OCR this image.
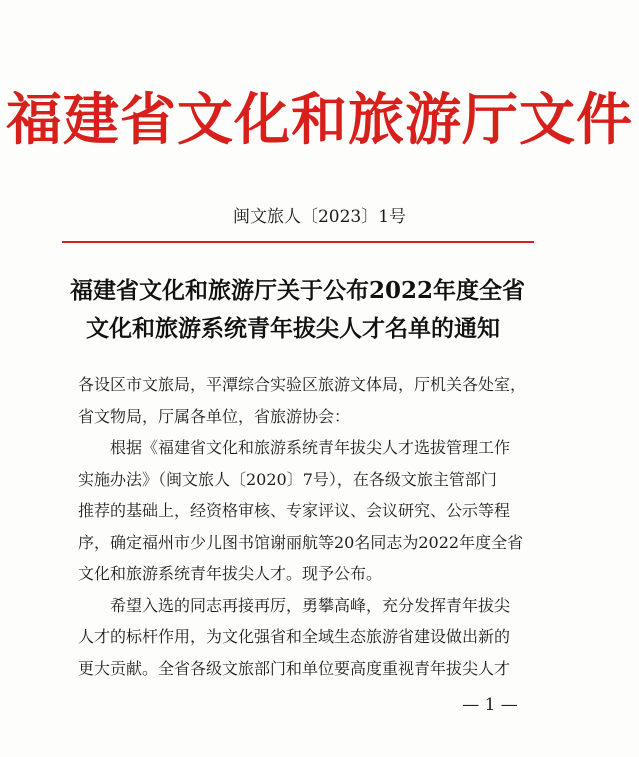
福建省文化和旅游厅文件
闽文旅人〔2023〕1号
福建省文化和旅游厅关于公布2022年度全省
文化和旅游系统青年拔尖人才名单的通知
各设区市文旅局，平潭综合实验区旅游文体局，厅机关各处室，
省文物局，厅属各单位，省旅游协会：
根据《福建省文化和旅游系统青年拔尖人才选拔管理工作
实施办法》（闽文旅人〔2020〕7号），在各级文旅主管部门
推荐的基础上，经资格审核、专家评议、会议研究、公示等程
序，确定福州市少儿图书馆谢丽航等20名同志为2022年度全省
文化和旅游系统青年拔尖人才。现予公布。
希望入选的同志再接再厉，勇攀高峰，充分发挥青年拔尖
人才的标杆作用，为文化强省和全域生态旅游省建设做出新的
更大贡献。全省各级文旅部门和单位要高度重视青年拔尖人才
— 1 —
